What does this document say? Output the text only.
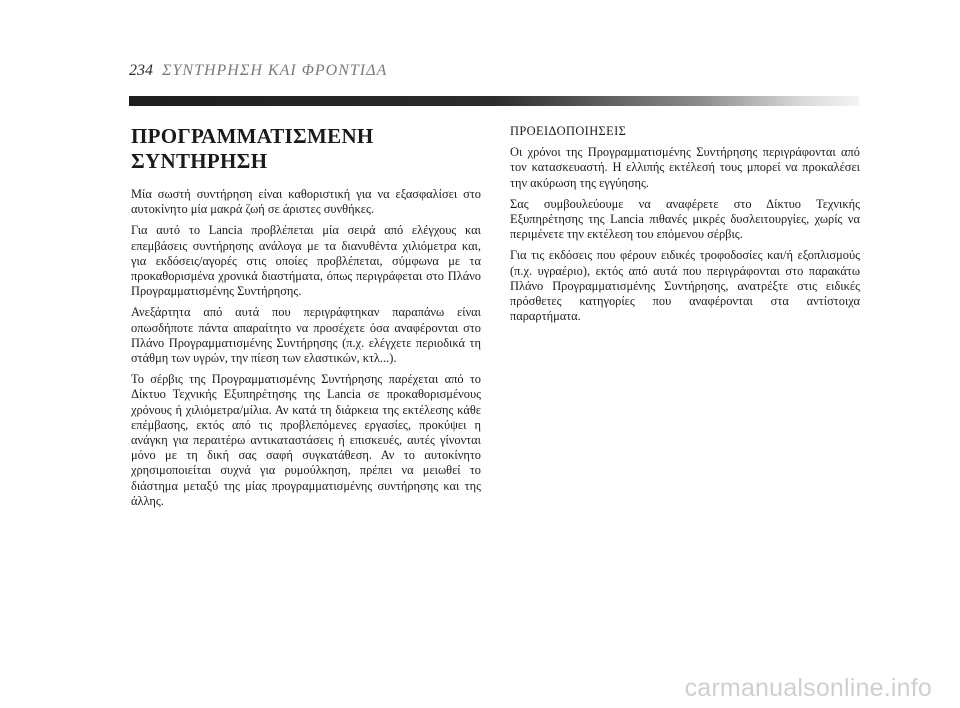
234 ΣΥΝΤΗΡΗΣΗ ΚΑΙ ΦΡΟΝΤΙΔΑ
ΠΡΟΓΡΑΜΜΑΤΙΣΜΕΝΗ
ΣΥΝΤΗΡΗΣΗ

Μία σωστή συντήρηση είναι καθοριστική για να εξασφαλίσει στο αυτοκίνητο μία μακρά ζωή σε άριστες συνθήκες.

Για αυτό το Lancia προβλέπεται μία σειρά από ελέγχους και επεμβάσεις συντήρησης ανάλογα με τα διανυθέντα χιλιόμετρα και, για εκδόσεις/αγορές στις οποίες προβλέπεται, σύμφωνα με τα προκαθορισμένα χρονικά διαστήματα, όπως περιγράφεται στο Πλάνο Προγραμματισμένης Συντήρησης.

Ανεξάρτητα από αυτά που περιγράφτηκαν παραπάνω είναι οπωσδήποτε πάντα απαραίτητο να προσέχετε όσα αναφέρονται στο Πλάνο Προγραμματισμένης Συντήρησης (π.χ. ελέγχετε περιοδικά τη στάθμη των υγρών, την πίεση των ελαστικών, κτλ...).

Το σέρβις της Προγραμματισμένης Συντήρησης παρέχεται από το Δίκτυο Τεχνικής Εξυπηρέτησης της Lancia σε προκαθορισμένους χρόνους ή χιλιόμετρα/μίλια. Αν κατά τη διάρκεια της εκτέλεσης κάθε επέμβασης, εκτός από τις προβλεπόμενες εργασίες, προκύψει η ανάγκη για περαιτέρω αντικαταστάσεις ή επισκευές, αυτές γίνονται μόνο με τη δική σας σαφή συγκατάθεση. Αν το αυτοκίνητο χρησιμοποιείται συχνά για ρυμούλκηση, πρέπει να μειωθεί το διάστημα μεταξύ της μίας προγραμματισμένης συντήρησης και της άλλης.

ΠΡΟΕΙΔΟΠΟΙΗΣΕΙΣ

Οι χρόνοι της Προγραμματισμένης Συντήρησης περιγράφονται από τον κατασκευαστή. Η ελλιπής εκτέλεσή τους μπορεί να προκαλέσει την ακύρωση της εγγύησης.

Σας συμβουλεύουμε να αναφέρετε στο Δίκτυο Τεχνικής Εξυπηρέτησης της Lancia πιθανές μικρές δυσλειτουργίες, χωρίς να περιμένετε την εκτέλεση του επόμενου σέρβις.

Για τις εκδόσεις που φέρουν ειδικές τροφοδοσίες και/ή εξοπλισμούς (π.χ. υγραέριο), εκτός από αυτά που περιγράφονται στο παρακάτω Πλάνο Προγραμματισμένης Συντήρησης, ανατρέξτε στις ειδικές πρόσθετες κατηγορίες που αναφέρονται στα αντίστοιχα παραρτήματα.

carmanualsonline.info
